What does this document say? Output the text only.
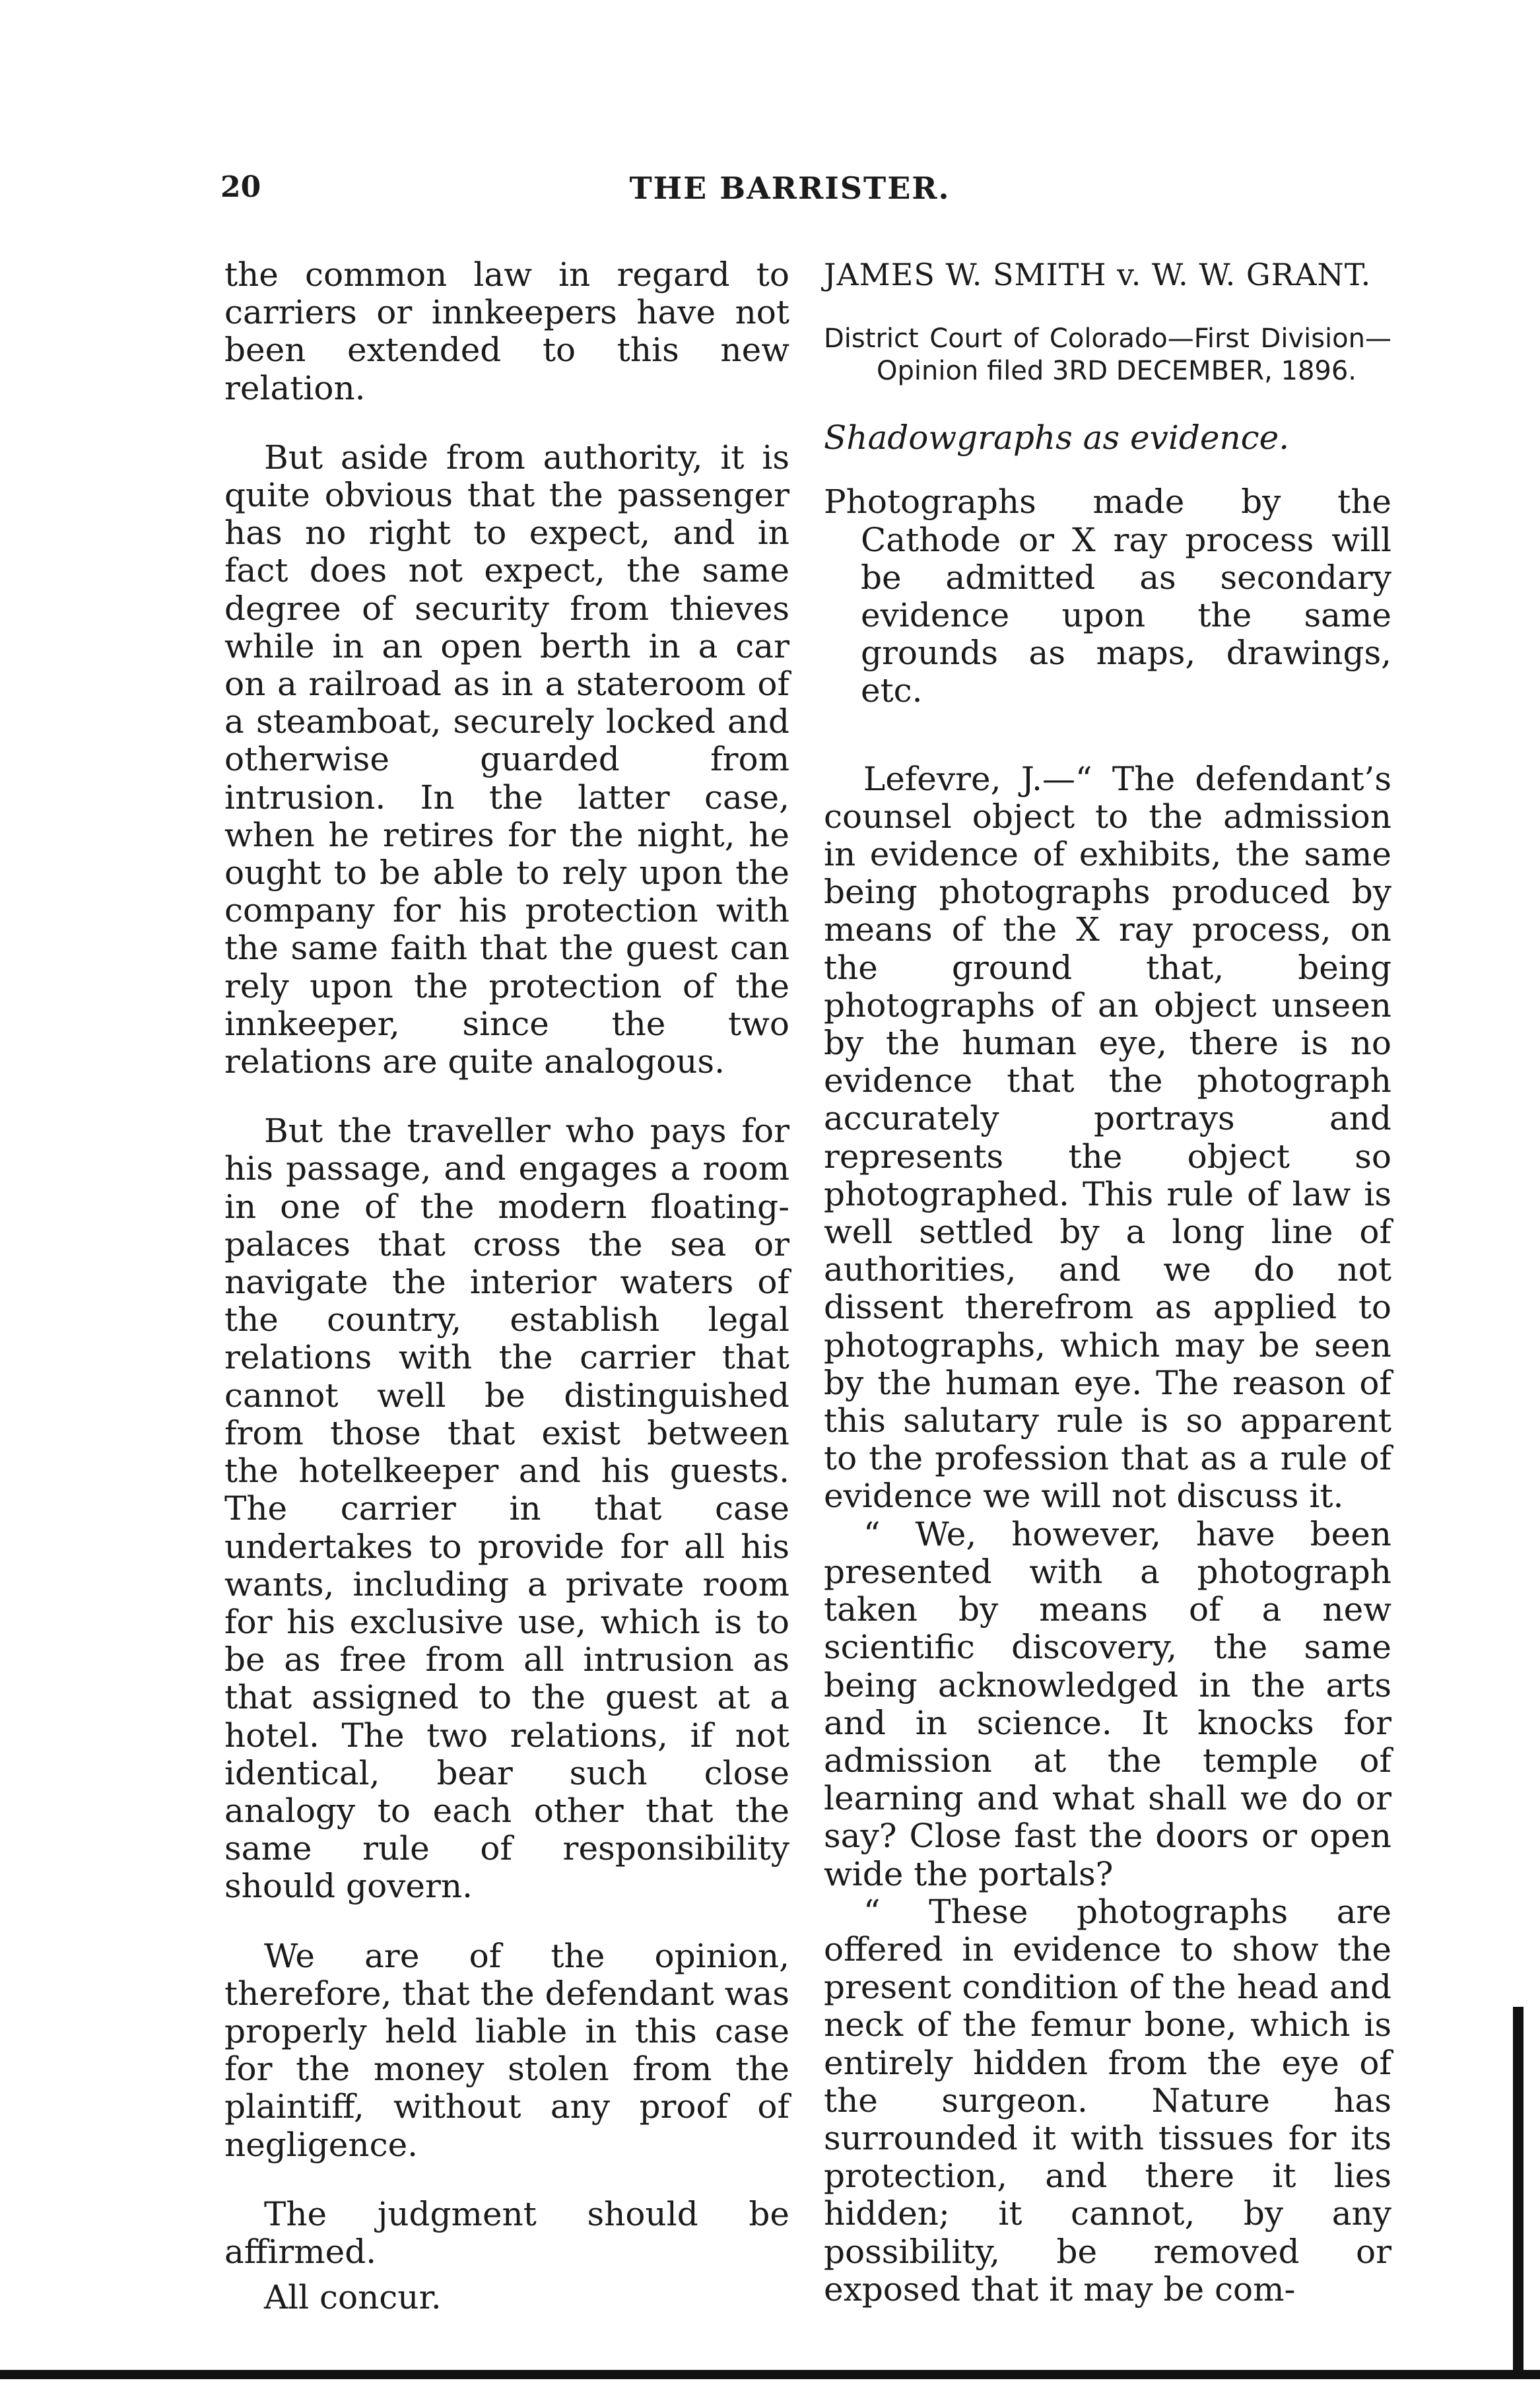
20	THE BARRISTER.

the common law in regard to carriers or innkeepers have not been extended to this new relation.

But aside from authority, it is quite obvious that the passenger has no right to expect, and in fact does not expect, the same degree of security from thieves while in an open berth in a car on a railroad as in a stateroom of a steamboat, securely locked and otherwise guarded from intrusion. In the latter case, when he retires for the night, he ought to be able to rely upon the company for his protection with the same faith that the guest can rely upon the protection of the innkeeper, since the two relations are quite analogous.

But the traveller who pays for his passage, and engages a room in one of the modern floating-palaces that cross the sea or navigate the interior waters of the country, establish legal relations with the carrier that cannot well be distinguished from those that exist between the hotelkeeper and his guests. The carrier in that case undertakes to provide for all his wants, including a private room for his exclusive use, which is to be as free from all intrusion as that assigned to the guest at a hotel. The two relations, if not identical, bear such close analogy to each other that the same rule of responsibility should govern.

We are of the opinion, therefore, that the defendant was properly held liable in this case for the money stolen from the plaintiff, without any proof of negligence.

The judgment should be affirmed.

All concur.

JAMES W. SMITH v. W. W. GRANT.

District Court of Colorado—First Division—Opinion filed 3RD DECEMBER, 1896.

Shadowgraphs as evidence.

Photographs made by the Cathode or X ray process will be admitted as secondary evidence upon the same grounds as maps, drawings, etc.

Lefevre, J.—“ The defendant’s counsel object to the admission in evidence of exhibits, the same being photographs produced by means of the X ray process, on the ground that, being photographs of an object unseen by the human eye, there is no evidence that the photograph accurately portrays and represents the object so photographed. This rule of law is well settled by a long line of authorities, and we do not dissent therefrom as applied to photographs, which may be seen by the human eye. The reason of this salutary rule is so apparent to the profession that as a rule of evidence we will not discuss it.

“ We, however, have been presented with a photograph taken by means of a new scientific discovery, the same being acknowledged in the arts and in science. It knocks for admission at the temple of learning and what shall we do or say? Close fast the doors or open wide the portals?

“ These photographs are offered in evidence to show the present condition of the head and neck of the femur bone, which is entirely hidden from the eye of the surgeon. Nature has surrounded it with tissues for its protection, and there it lies hidden; it cannot, by any possibility, be removed or exposed that it may be com-
